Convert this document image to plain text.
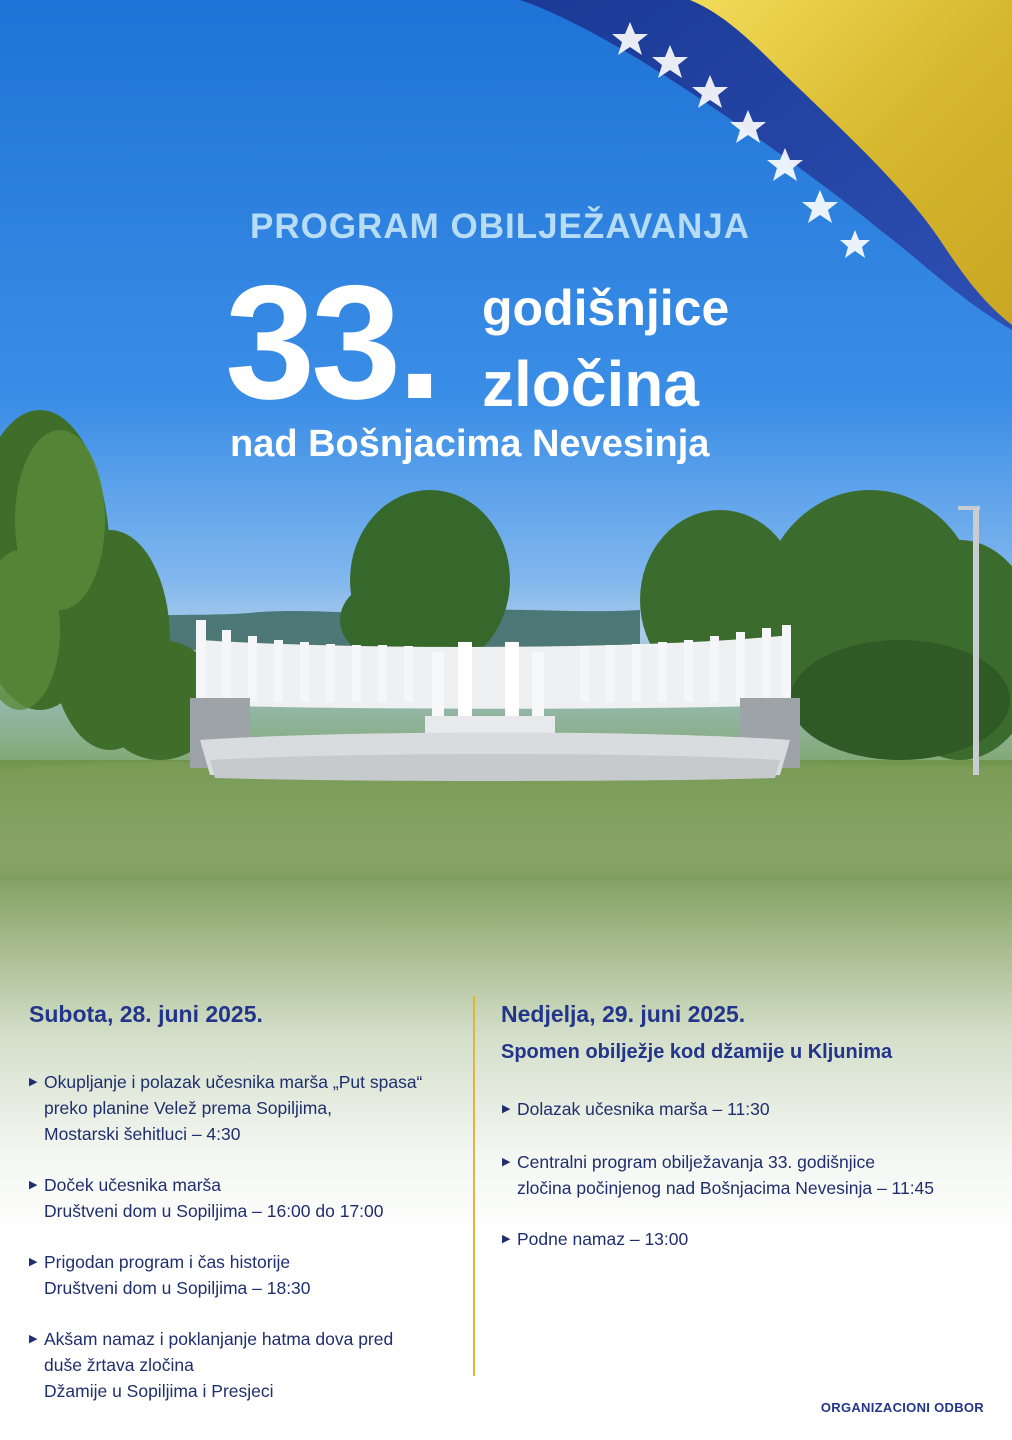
PROGRAM OBILJEŽAVANJA
33. godišnjice
zločina
nad Bošnjacima Nevesinja
Subota, 28. juni 2025.
▶ Okupljanje i polazak učesnika marša „Put spasa“
preko planine Velež prema Sopiljima,
Mostarski šehitluci – 4:30
▶ Doček učesnika marša
Društveni dom u Sopiljima – 16:00 do 17:00
▶ Prigodan program i čas historije
Društveni dom u Sopiljima – 18:30
▶ Akšam namaz i poklanjanje hatma dova pred
duše žrtava zločina
Džamije u Sopiljima i Presjeci
Nedjelja, 29. juni 2025.
Spomen obilježje kod džamije u Kljunima
▶ Dolazak učesnika marša – 11:30
▶ Centralni program obilježavanja 33. godišnjice
zločina počinjenog nad Bošnjacima Nevesinja – 11:45
▶ Podne namaz – 13:00
ORGANIZACIONI ODBOR
